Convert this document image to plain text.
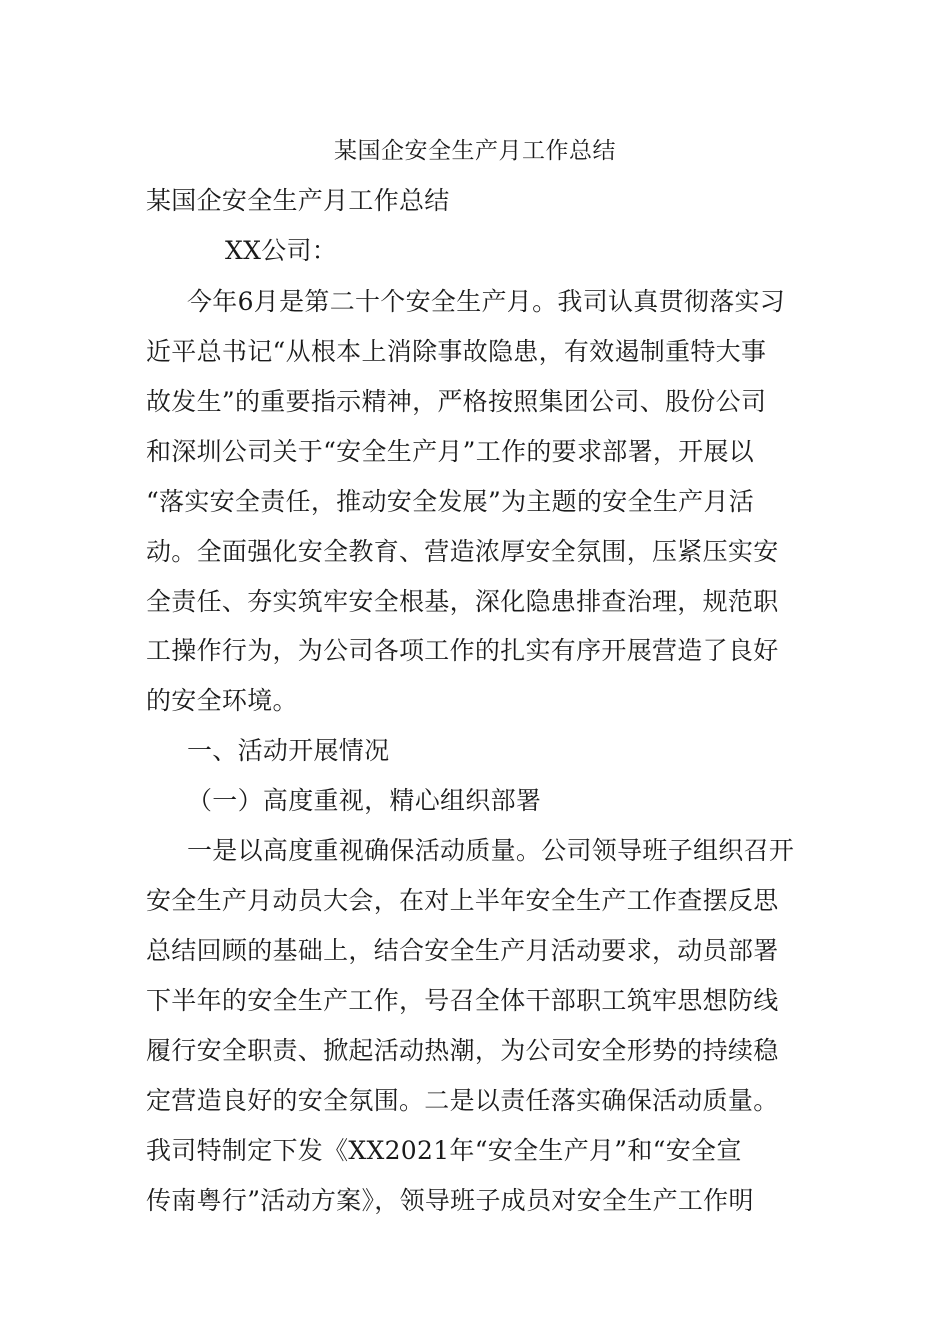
某国企安全生产月工作总结
某国企安全生产月工作总结
XX公司：
今年6月是第二十个安全生产月。我司认真贯彻落实习
近平总书记“从根本上消除事故隐患，有效遏制重特大事
故发生”的重要指示精神，严格按照集团公司、股份公司
和深圳公司关于“安全生产月”工作的要求部署，开展以
“落实安全责任，推动安全发展”为主题的安全生产月活
动。全面强化安全教育、营造浓厚安全氛围，压紧压实安
全责任、夯实筑牢安全根基，深化隐患排查治理，规范职
工操作行为，为公司各项工作的扎实有序开展营造了良好
的安全环境。
一、活动开展情况
（一）高度重视，精心组织部署
一是以高度重视确保活动质量。公司领导班子组织召开
安全生产月动员大会，在对上半年安全生产工作查摆反思
总结回顾的基础上，结合安全生产月活动要求，动员部署
下半年的安全生产工作，号召全体干部职工筑牢思想防线
履行安全职责、掀起活动热潮，为公司安全形势的持续稳
定营造良好的安全氛围。二是以责任落实确保活动质量。
我司特制定下发《XX2021年“安全生产月”和“安全宣
传南粤行”活动方案》，领导班子成员对安全生产工作明
